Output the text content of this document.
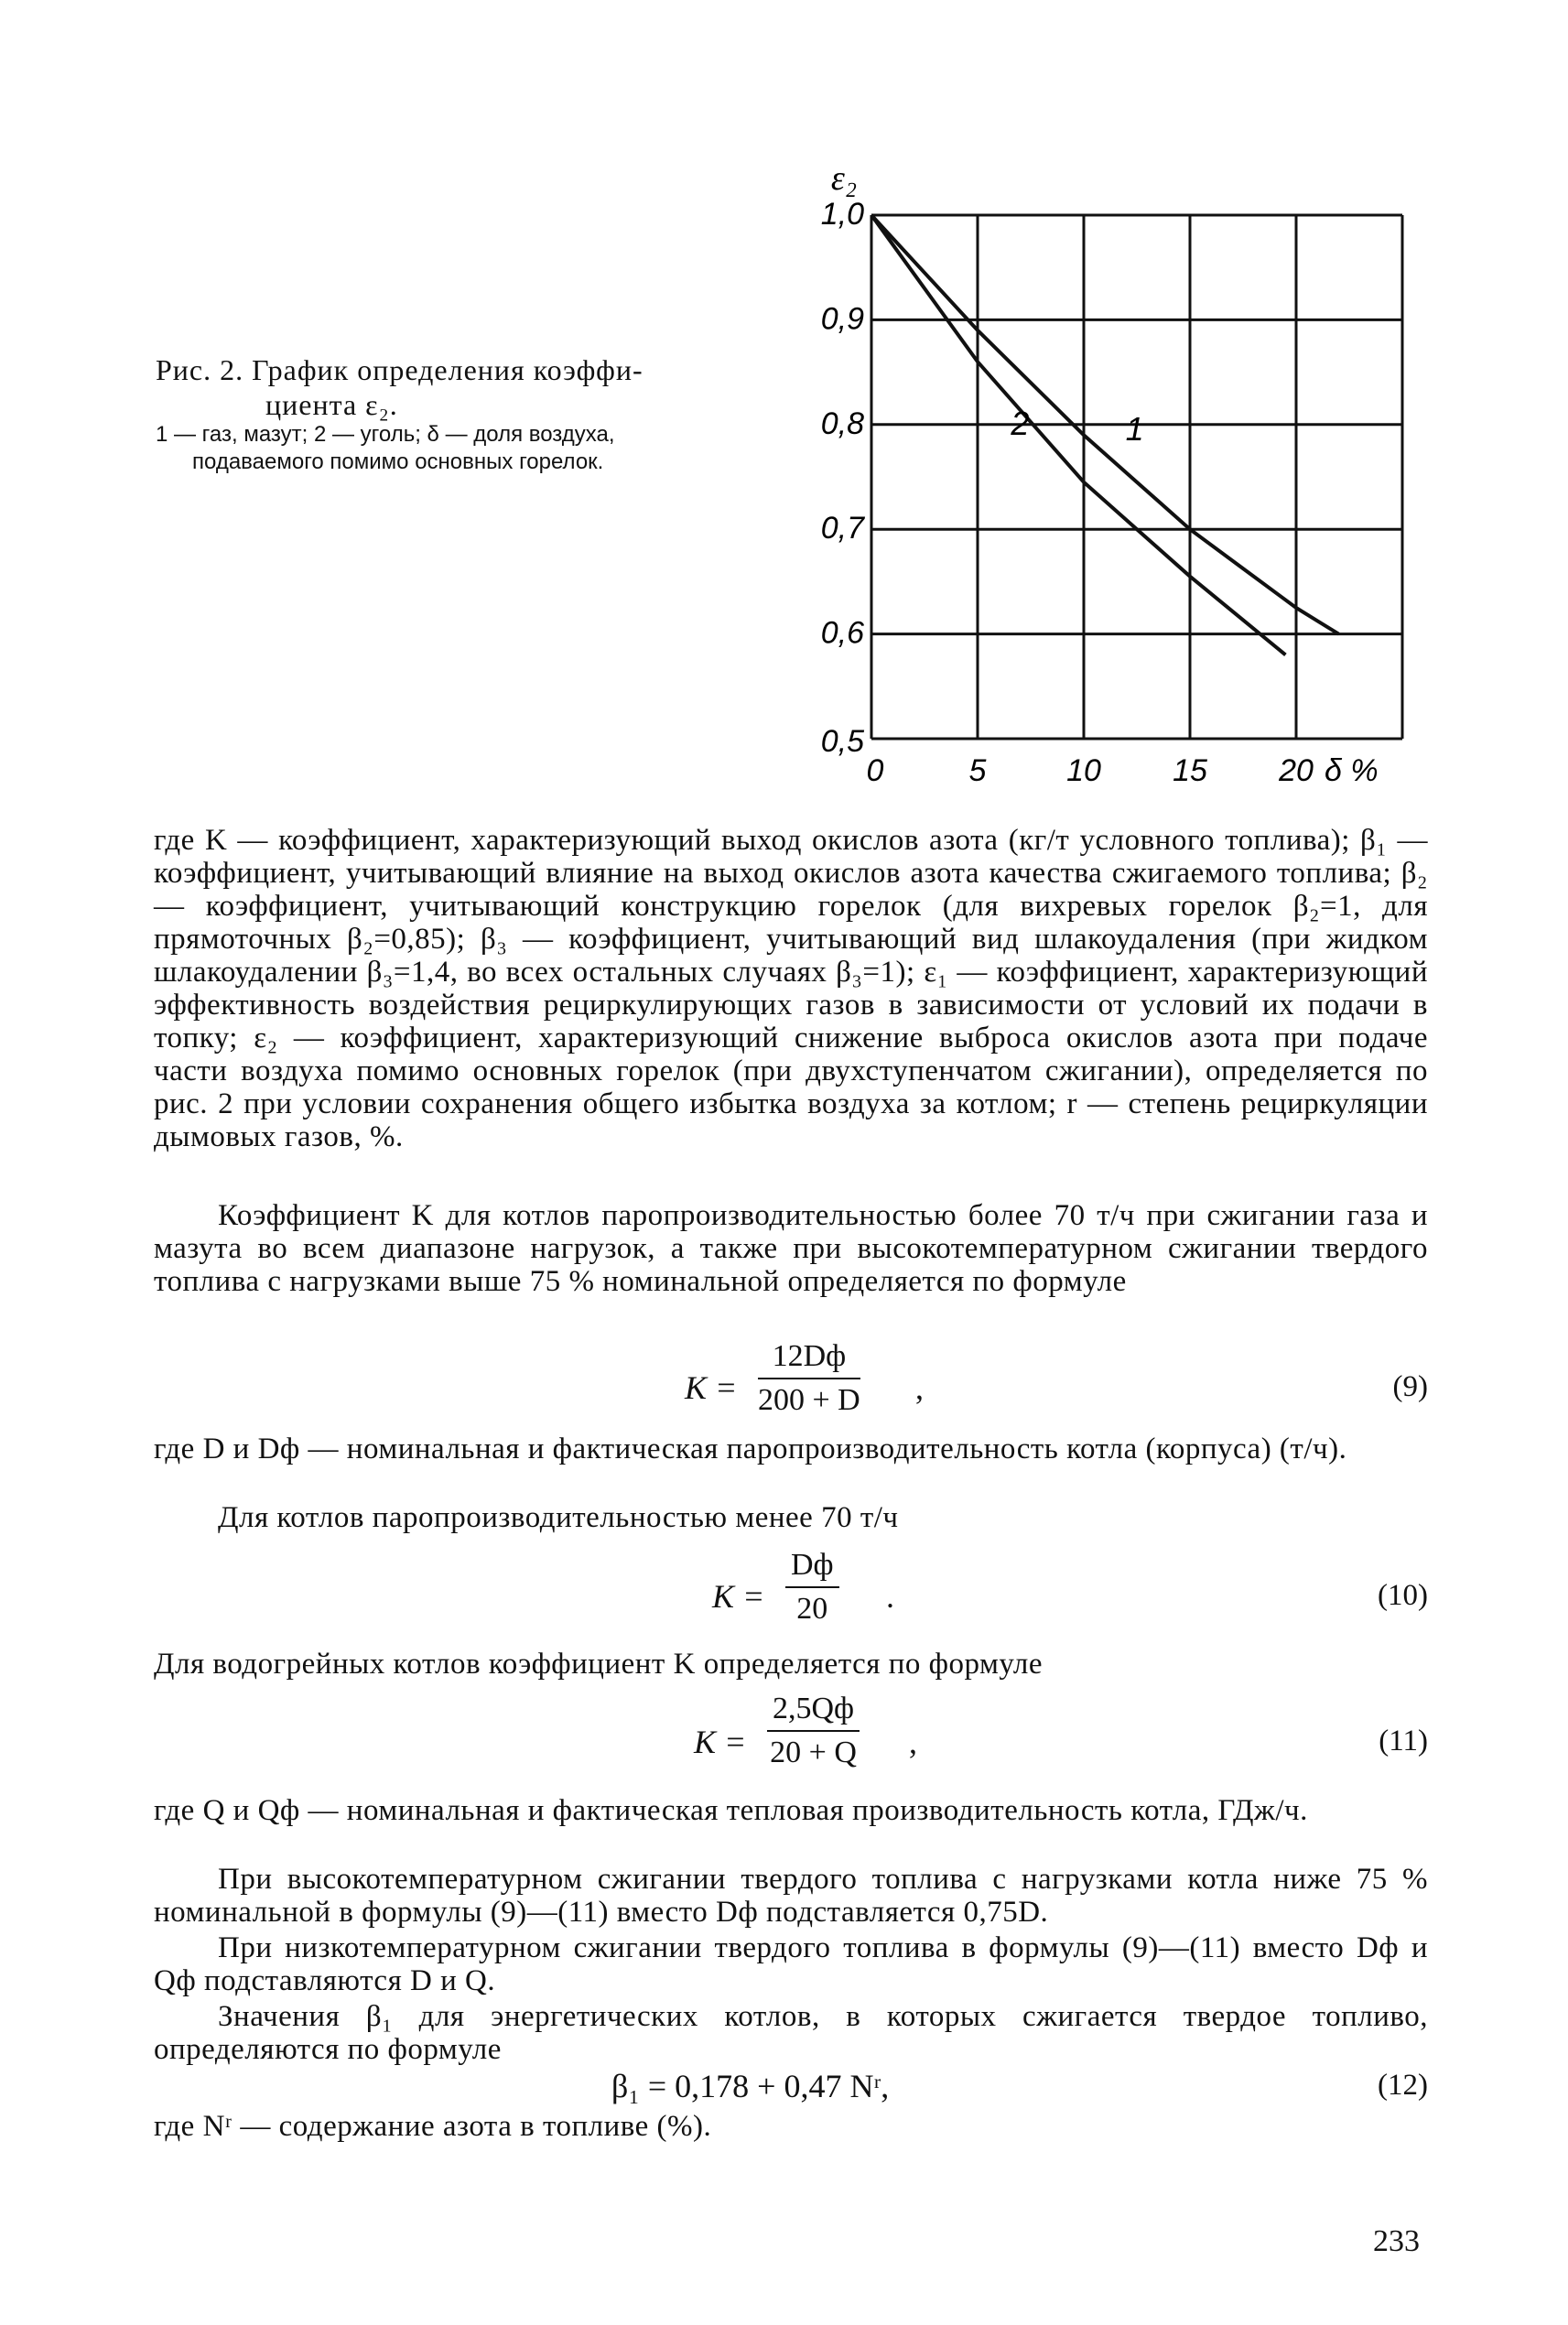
Рис. 2. График определения коэффи-
циента ε₂.
1 — газ, мазут; 2 — уголь; δ — доля воздуха,
подаваемого помимо основных горелок.
0	5	10 15 20
0,5
0,6
0,7
0,8
0,9
1,0
ε₂
δ %
1
2
где K — коэффициент, характеризующий выход окислов азота (кг/т условного топлива); β₁ — коэффициент, учитывающий влияние на выход окислов азота качества сжигаемого топлива; β₂ — коэффициент, учитывающий конструкцию горелок (для вихревых горелок β₂=1, для прямоточных β₂=0,85); β₃ — коэффициент, учитывающий вид шлакоудаления (при жидком шлакоудалении β₃=1,4, во всех остальных случаях β₃=1); ε₁ — коэффициент, характеризующий эффективность воздействия рециркулирующих газов в зависимости от условий их подачи в топку; ε₂ — коэффициент, характеризующий снижение выброса окислов азота при подаче части воздуха помимо основных горелок (при двухступенчатом сжигании), определяется по рис. 2 при условии сохранения общего избытка воздуха за котлом; r — степень рециркуляции дымовых газов, %.
Коэффициент K для котлов паропроизводительностью более 70 т/ч при сжигании газа и мазута во всем диапазоне нагрузок, а также при высокотемпературном сжигании твердого топлива с нагрузками выше 75 % номинальной определяется по формуле
K =
12Dф
200 + D ,	(9)
где D и Dф — номинальная и фактическая паропроизводительность котла (корпуса) (т/ч).
Для котлов паропроизводительностью менее 70 т/ч
K =
Dф
20	.	(10)
Для водогрейных котлов коэффициент K определяется по формуле
K =
2,5Qф
20 + Q ,	(11)
где Q и Qф — номинальная и фактическая тепловая производительность котла, ГДж/ч.
При высокотемпературном сжигании твердого топлива с нагрузками котла ниже 75 % номинальной в формулы (9)—(11) вместо Dф подставляется 0,75D.
При низкотемпературном сжигании твердого топлива в формулы (9)—(11) вместо Dф и Qф подставляются D и Q.
Значения β₁ для энергетических котлов, в которых сжигается твердое топливо, определяются по формуле
β₁ = 0,178 + 0,47 Nʳ,	(12)
где Nʳ — содержание азота в топливе (%).
233
